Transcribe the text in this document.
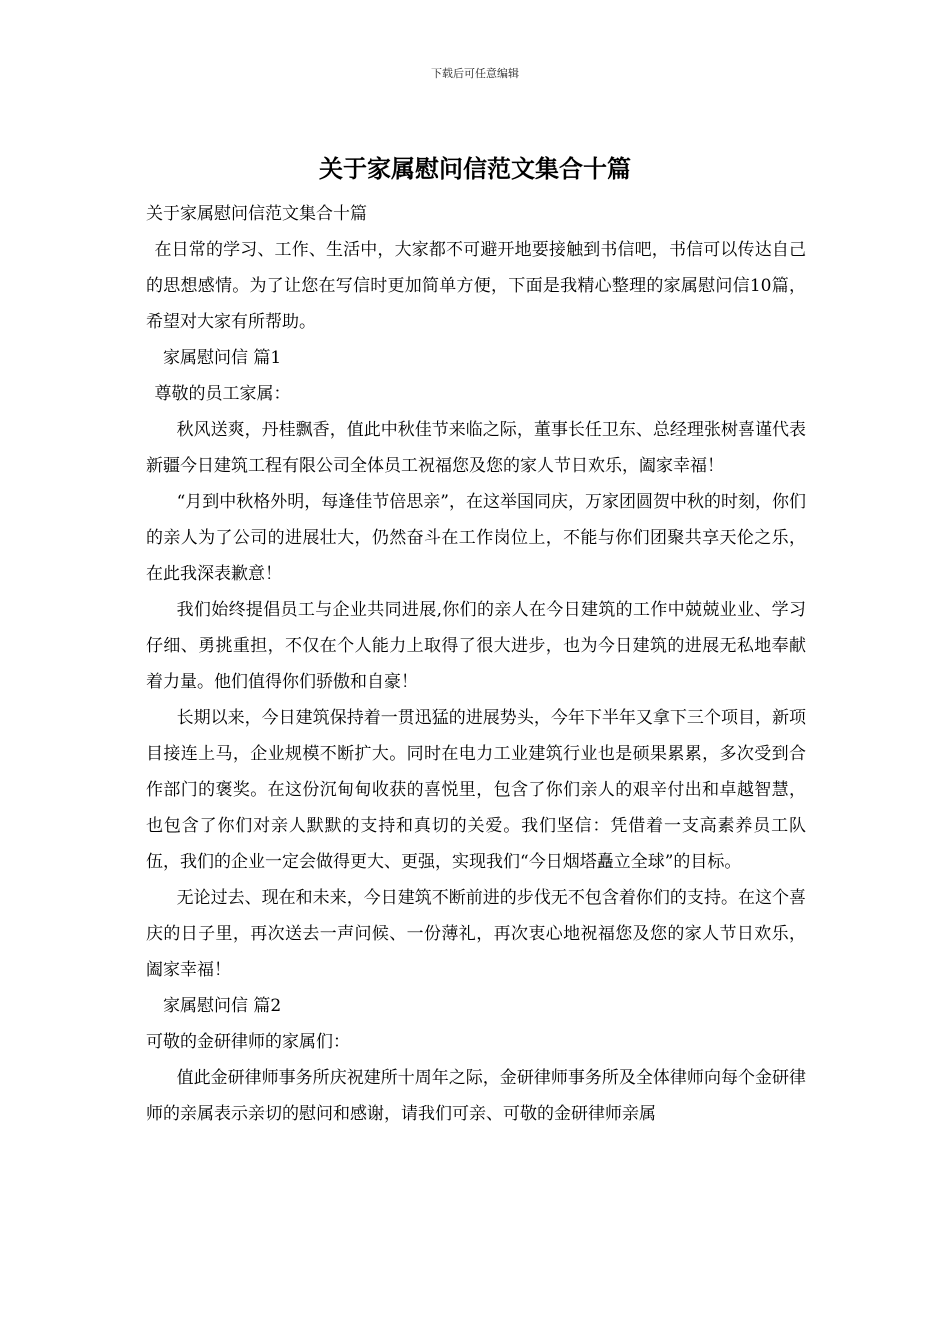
下载后可任意编辑
关于家属慰问信范文集合十篇

关于家属慰问信范文集合十篇

在日常的学习、工作、生活中，大家都不可避开地要接触到书信吧，书信可以传达自己的思想感情。为了让您在写信时更加简单方便，下面是我精心整理的家属慰问信10篇，希望对大家有所帮助。

家属慰问信 篇1

尊敬的员工家属：

秋风送爽，丹桂飘香，值此中秋佳节来临之际，董事长任卫东、总经理张树喜谨代表新疆今日建筑工程有限公司全体员工祝福您及您的家人节日欢乐，阖家幸福！

“月到中秋格外明，每逢佳节倍思亲”，在这举国同庆，万家团圆贺中秋的时刻，你们的亲人为了公司的进展壮大，仍然奋斗在工作岗位上，不能与你们团聚共享天伦之乐，在此我深表歉意！

我们始终提倡员工与企业共同进展,你们的亲人在今日建筑的工作中兢兢业业、学习仔细、勇挑重担，不仅在个人能力上取得了很大进步，也为今日建筑的进展无私地奉献着力量。他们值得你们骄傲和自豪！

长期以来，今日建筑保持着一贯迅猛的进展势头，今年下半年又拿下三个项目，新项目接连上马，企业规模不断扩大。同时在电力工业建筑行业也是硕果累累，多次受到合作部门的褒奖。在这份沉甸甸收获的喜悦里，包含了你们亲人的艰辛付出和卓越智慧，也包含了你们对亲人默默的支持和真切的关爱。我们坚信：凭借着一支高素养员工队伍，我们的企业一定会做得更大、更强，实现我们“今日烟塔矗立全球”的目标。

无论过去、现在和未来，今日建筑不断前进的步伐无不包含着你们的支持。在这个喜庆的日子里，再次送去一声问候、一份薄礼，再次衷心地祝福您及您的家人节日欢乐，阖家幸福！

家属慰问信 篇2

可敬的金研律师的家属们：

值此金研律师事务所庆祝建所十周年之际，金研律师事务所及全体律师向每个金研律师的亲属表示亲切的慰问和感谢，请我们可亲、可敬的金研律师亲属
